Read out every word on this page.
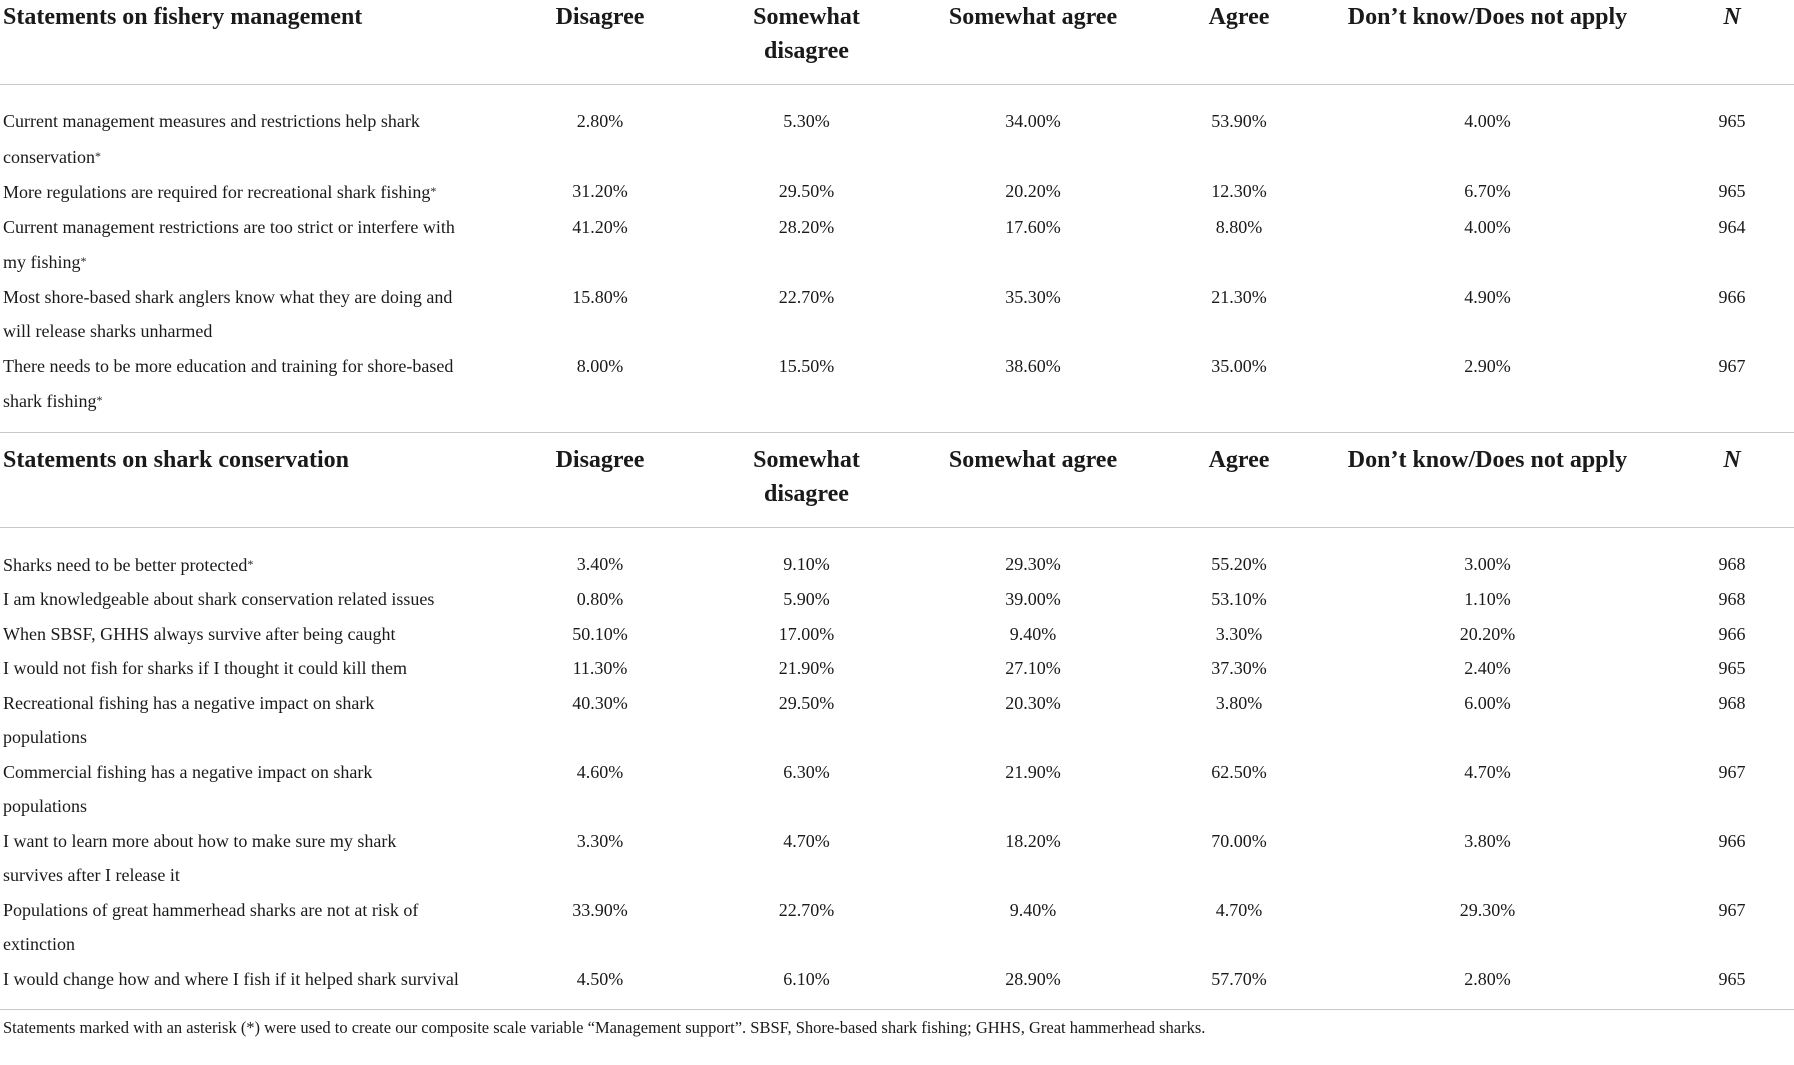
Statements on fishery management	Disagree	Somewhat disagree	Somewhat agree	Agree	Don’t know/Does not apply	N
Current management measures and restrictions help shark conservation*	2.80%	5.30%	34.00%	53.90%	4.00%	965
More regulations are required for recreational shark fishing*	31.20%	29.50%	20.20%	12.30%	6.70%	965
Current management restrictions are too strict or interfere with my fishing*	41.20%	28.20%	17.60%	8.80%	4.00%	964
Most shore-based shark anglers know what they are doing and will release sharks unharmed	15.80%	22.70%	35.30%	21.30%	4.90%	966
There needs to be more education and training for shore-based shark fishing*	8.00%	15.50%	38.60%	35.00%	2.90%	967
Statements on shark conservation	Disagree	Somewhat disagree	Somewhat agree	Agree	Don’t know/Does not apply	N
Sharks need to be better protected*	3.40%	9.10%	29.30%	55.20%	3.00%	968
I am knowledgeable about shark conservation related issues	0.80%	5.90%	39.00%	53.10%	1.10%	968
When SBSF, GHHS always survive after being caught	50.10%	17.00%	9.40%	3.30%	20.20%	966
I would not fish for sharks if I thought it could kill them	11.30%	21.90%	27.10%	37.30%	2.40%	965
Recreational fishing has a negative impact on shark populations	40.30%	29.50%	20.30%	3.80%	6.00%	968
Commercial fishing has a negative impact on shark populations	4.60%	6.30%	21.90%	62.50%	4.70%	967
I want to learn more about how to make sure my shark survives after I release it	3.30%	4.70%	18.20%	70.00%	3.80%	966
Populations of great hammerhead sharks are not at risk of extinction	33.90%	22.70%	9.40%	4.70%	29.30%	967
I would change how and where I fish if it helped shark survival	4.50%	6.10%	28.90%	57.70%	2.80%	965
Statements marked with an asterisk (*) were used to create our composite scale variable “Management support”. SBSF, Shore-based shark fishing; GHHS, Great hammerhead sharks.
